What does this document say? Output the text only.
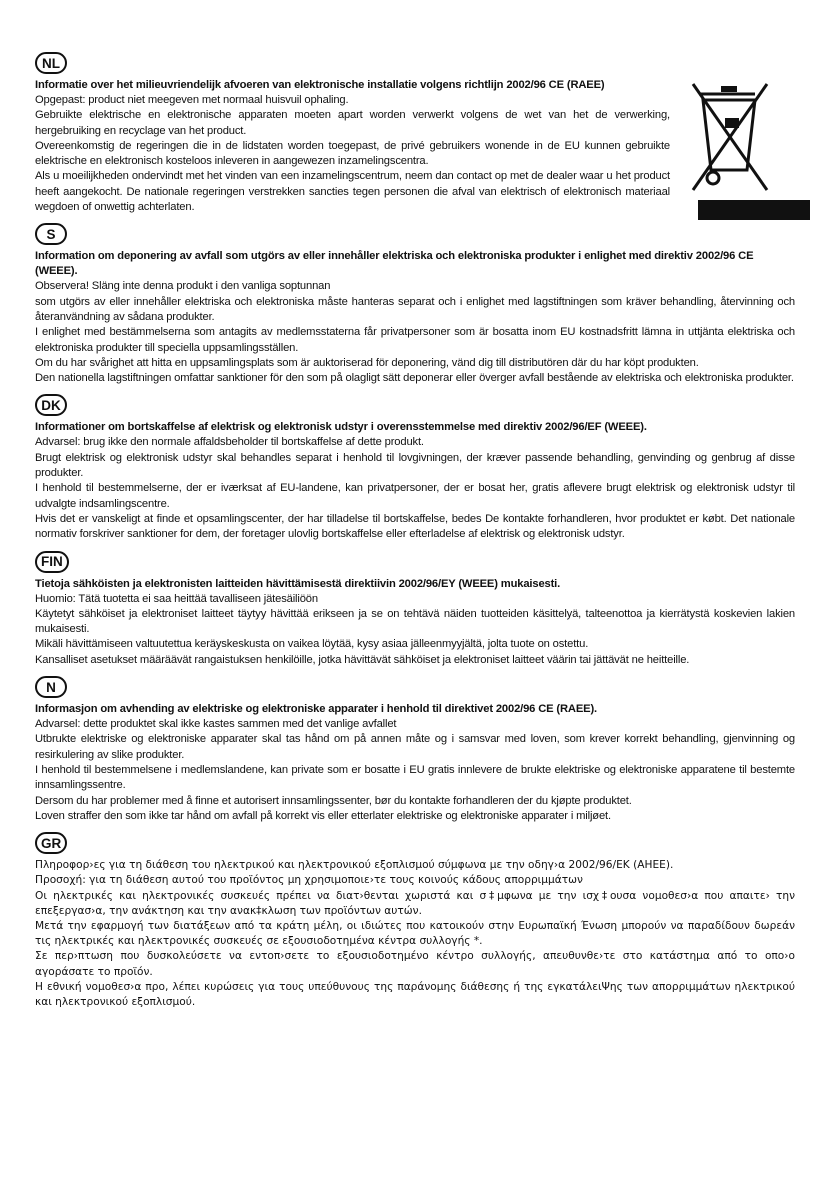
NL
Informatie over het milieuvriendelijk afvoeren van elektronische installatie volgens richtlijn 2002/96 CE (RAEE)

Opgepast: product niet meegeven met normaal huisvuil ophaling.

Gebruikte elektrische en elektronische apparaten moeten apart worden verwerkt volgens de wet van het de verwerking, hergebruiking en recyclage van het product.

Overeenkomstig de regeringen die in de lidstaten worden toegepast, de privé gebruikers wonende in de EU kunnen gebruikte elektrische en elektronisch kosteloos inleveren in aangewezen inzamelingscentra.

Als u moeilijkheden ondervindt met het vinden van een inzamelingscentrum, neem dan contact op met de dealer waar u het product heeft aangekocht. De nationale regeringen verstrekken sancties tegen personen die afval van elektrisch of elektronisch materiaal wegdoen of onwettig achterlaten.

S
Information om deponering av avfall som utgörs av eller innehåller elektriska och elektroniska produkter i enlighet med direktiv 2002/96 CE (WEEE).

Observera! Släng inte denna produkt i den vanliga soptunnan

som utgörs av eller innehåller elektriska och elektroniska måste hanteras separat och i enlighet med lagstiftningen som kräver behandling, återvinning och återanvändning av sådana produkter.

I enlighet med bestämmelserna som antagits av medlemsstaterna får privatpersoner som är bosatta inom EU kostnadsfritt lämna in uttjänta elektriska och elektroniska produkter till speciella uppsamlingsställen.

Om du har svårighet att hitta en uppsamlingsplats som är auktoriserad för deponering, vänd dig till distributören där du har köpt produkten.

Den nationella lagstiftningen omfattar sanktioner för den som på olagligt sätt deponerar eller överger avfall bestående av elektriska och elektroniska produkter.

DK
Informationer om bortskaffelse af elektrisk og elektronisk udstyr i overensstemmelse med direktiv 2002/96/EF (WEEE).

Advarsel: brug ikke den normale affaldsbeholder til bortskaffelse af dette produkt.

Brugt elektrisk og elektronisk udstyr skal behandles separat i henhold til lovgivningen, der kræver passende behandling, genvinding og genbrug af disse produkter.

I henhold til bestemmelserne, der er iværksat af EU-landene, kan privatpersoner, der er bosat her, gratis aflevere brugt elektrisk og elektronisk udstyr til udvalgte indsamlingscentre.

Hvis det er vanskeligt at finde et opsamlingscenter, der har tilladelse til bortskaffelse, bedes De kontakte forhandleren, hvor produktet er købt. Det nationale normativ forskriver sanktioner for dem, der foretager ulovlig bortskaffelse eller efterladelse af elektrisk og elektronisk udstyr.

FIN
Tietoja sähköisten ja elektronisten laitteiden hävittämisestä direktiivin 2002/96/EY (WEEE) mukaisesti.

Huomio: Tätä tuotetta ei saa heittää tavalliseen jätesäiliöön

Käytetyt sähköiset ja elektroniset laitteet täytyy hävittää erikseen ja se on tehtävä näiden tuotteiden käsittelyä, talteenottoa ja kierrätystä koskevien lakien mukaisesti.

Mikäli hävittämiseen valtuutettua keräyskeskusta on vaikea löytää, kysy asiaa jälleenmyyjältä, jolta tuote on ostettu.

Kansalliset asetukset määräävät rangaistuksen henkilöille, jotka hävittävät sähköiset ja elektroniset laitteet väärin tai jättävät ne heitteille.

N
Informasjon om avhending av elektriske og elektroniske apparater i henhold til direktivet 2002/96 CE (RAEE).

Advarsel: dette produktet skal ikke kastes sammen med det vanlige avfallet

Utbrukte elektriske og elektroniske apparater skal tas hånd om på annen måte og i samsvar med loven, som krever korrekt behandling, gjenvinning og resirkulering av slike produkter.

I henhold til bestemmelsene i medlemslandene, kan private som er bosatte i EU gratis innlevere de brukte elektriske og elektroniske apparatene til bestemte innsamlingssentre.

Dersom du har problemer med å finne et autorisert innsamlingssenter, bør du kontakte forhandleren der du kjøpte produktet.

Loven straffer den som ikke tar hånd om avfall på korrekt vis eller etterlater elektriske og elektroniske apparater i miljøet.

GR
Πληροφορ›ες για τη διάθεση του ηλεκτρικού και ηλεκτρονικού εξοπλισμού σύμφωνα με την οδηγ›α 2002/96/ΕΚ (ΑΗΕΕ).

Προσοχή: για τη διάθεση αυτού του προϊόντος μη χρησιμοποιε›τε τους κοινούς κάδους απορριμμάτων

Οι ηλεκτρικές και ηλεκτρονικές συσκευές πρέπει να διατ›θενται χωριστά και σ‡μφωνα με την ισχ‡ουσα νομοθεσ›α που απαιτε› την επεξεργασ›α, την ανάκτηση και την ανακ‡κλωση των προϊόντων αυτών.

Μετά την εφαρμογή των διατάξεων από τα κράτη μέλη, οι ιδιώτες που κατοικούν στην Ευρωπαϊκή Ένωση μπορούν να παραδίδουν δωρεάν τις ηλεκτρικές και ηλεκτρονικές συσκευές σε εξουσιοδοτημένα κέντρα συλλογής *.

Σε περ›πτωση που δυσκολεύσετε να εντοπ›σετε το εξουσιοδοτημένο κέντρο συλλογής, απευθυνθε›τε στο κατάστημα από το οπο›ο αγοράσατε το προϊόν.

Η εθνική νομοθεσ›α προ, λέπει κυρώσεις για τους υπεύθυνους της παράνομης διάθεσης ή της εγκατάλειΨης των απορριμμάτων ηλεκτρικού και ηλεκτρονικού εξοπλισμού.
